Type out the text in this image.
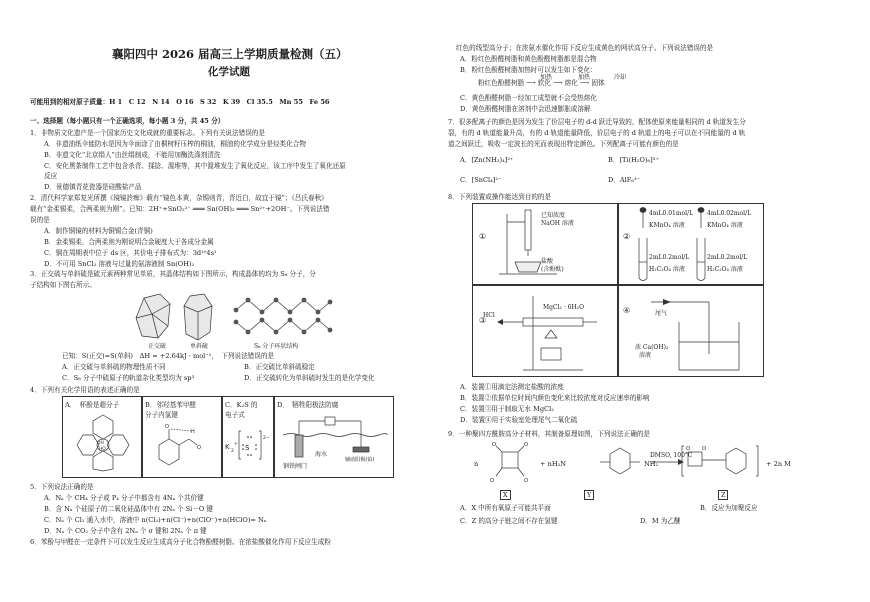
襄阳四中 2026 届高三上学期质量检测（五）
化学试题
可能用到的相对原子质量：H 1　C 12　N 14　O 16　S 32　K 39　Cl 35.5　Mn 55　Fe 56
一、选择题（每小题只有一个正确选项，每小题 3 分，共 45 分）
1．非物质文化遗产是一个国家历史文化成就的重要标志。下列有关说法错误的是
A．非遗油纸伞能防水是因为伞面涂了由桐树籽压榨的桐油，桐油的化学成分是烃类化合物
B．非遗文化“北京绢人”由丝绢制成，不能用加酶洗涤剂清洗
C．安化黑茶制作工艺中包含杀青、揉捻、渥堆等，其中渥堆发生了氧化反应，该工序中发生了氧化还原
反应
D．景德镇青花瓷器是硅酸盐产品
2．清代科学家郑复光所撰《镜镜詅痴》载有“镜色本黄，杂锡则青，青近白，故宜于镜”；《吕氏春秋》
载有“金柔锡柔，合两柔则为刚”。已知：2H⁺+SnO₂²⁻ ═══ Sn(OH)₂ ═══ Sn²⁺+2OH⁻。下列说法错
误的是
A．制作铜镜的材料为铜锡合金(青铜)
B．金柔锡柔，合两柔则为刚说明合金硬度大于各成分金属
C．铜在周期表中位于 ds 区，其价电子排布式为：3d¹⁰4s¹
D．不可用 SnCl₂ 溶液与过量的氨溶液制 Sn(OH)₂
3．正交硫与单斜硫是硫元素两种常见单质，其晶体结构如下图所示，构成晶体的均为 S₈ 分子，分
子结构如下图右所示。
正交硫	单斜硫	S₈ 分子环状结构
已知：S(正交)=S(单斜)　ΔH = +2.64kJ · mol⁻¹，　下列说法错误的是
A．正交硫与单斜硫的物理性质不同	B．正交硫比单斜硫稳定
C．S₈ 分子中硫原子的轨道杂化类型均为 sp³	D．正交硫转化为单斜硫时发生的是化学变化
4．下列有关化学用语的表述正确的是
A．　杯酚是超分子
OH
HO
B．邻羟基苯甲醛
分子内氢键
O
H
O
C．K₂S 的
电子式
K
2
+ S
2−
D．　牺牲阳极法防腐
海水
钢铁闸门
辅助阳极(铂)
5．下列说法正确的是
A．Nₐ 个 CH₄ 分子或 P₄ 分子中都含有 4Nₐ 个共价键
B．含 Nₐ 个硅原子的二氧化硅晶体中有 2Nₐ 个 Si－O 键
C．Nₐ 个 Cl₂ 通入水中，溶液中 n(Cl₂)+n(Cl⁻)+n(ClO⁻)+n(HClO)= Nₐ
D．Nₐ 个 CO₂ 分子中含有 2Nₐ 个 σ 键和 2Nₐ 个 π 键
6．苯酚与甲醛在一定条件下可以发生反应生成高分子化合物酚醛树脂。在浓盐酸催化作用下反应生成粉
红色的线型高分子；在浓氨水催化作用下反应生成黄色的网状高分子。下列说法错误的是
A．粉红色酚醛树脂和黄色酚醛树脂都是混合物
B．粉红色酚醛树脂加热时可以发生如下变化：
粉红色酚醛树脂 ⟶ 软化 ⟶ 熔化 ⟶ 固体
加热	加热	冷却
C．黄色酚醛树脂一经加工成型就不会受热熔化
D．黄色酚醛树脂在溶剂中会迅速膨胀或溶解
7．很多配离子的颜色是因为发生了价层电子的 d-d 跃迁导致的，配体使原来能量相同的 d 轨道发生分
裂，有的 d 轨道能量升高，有的 d 轨道能量降低，价层电子的 d 轨道上的电子可以在不同能量的 d 轨
道之间跃迁，吸收一定波长的光而表现出特定颜色。下列配离子可能有颜色的是
A．[Zn(NH₃)₄]²⁺	B．[Ti(H₂O)₆]³⁺
C．[SnCl₄]²⁻	D．AlF₆³⁻
8．下列装置或操作能达到目的的是
①
已知浓度
NaOH 溶液
盐酸
(含酚酞)
②
4mL0.01mol/L
KMnO₄ 溶液
4mL0.02mol/L
KMnO₄ 溶液
2mL0.2mol/L
H₂C₂O₄ 溶液
2mL0.2mol/L
H₂C₂O₄ 溶液
③
MgCl₂ · 6H₂O
HCl
④	尾气
浓 Ca(OH)₂
溶液
A．装置①用滴定法测定盐酸的浓度
B．装置②依据单位时间内颜色变化来比较浓度对反应速率的影响
C．装置③用于制取无水 MgCl₂
D．装置④用于实验室处理尾气二氧化硫
9．一种聚四方酰胺高分子材料，其制备原理如图，下列说法正确的是
n
O	O
O	O
O O
+ nH₂N	NH₂
DMSO, 100°C
+ 2n M
X	Y	Z
A．X 中所有氧原子可能共平面	B．反应为加聚反应
C．Z 的高分子链之间不存在氢键	D．M 为乙醚
